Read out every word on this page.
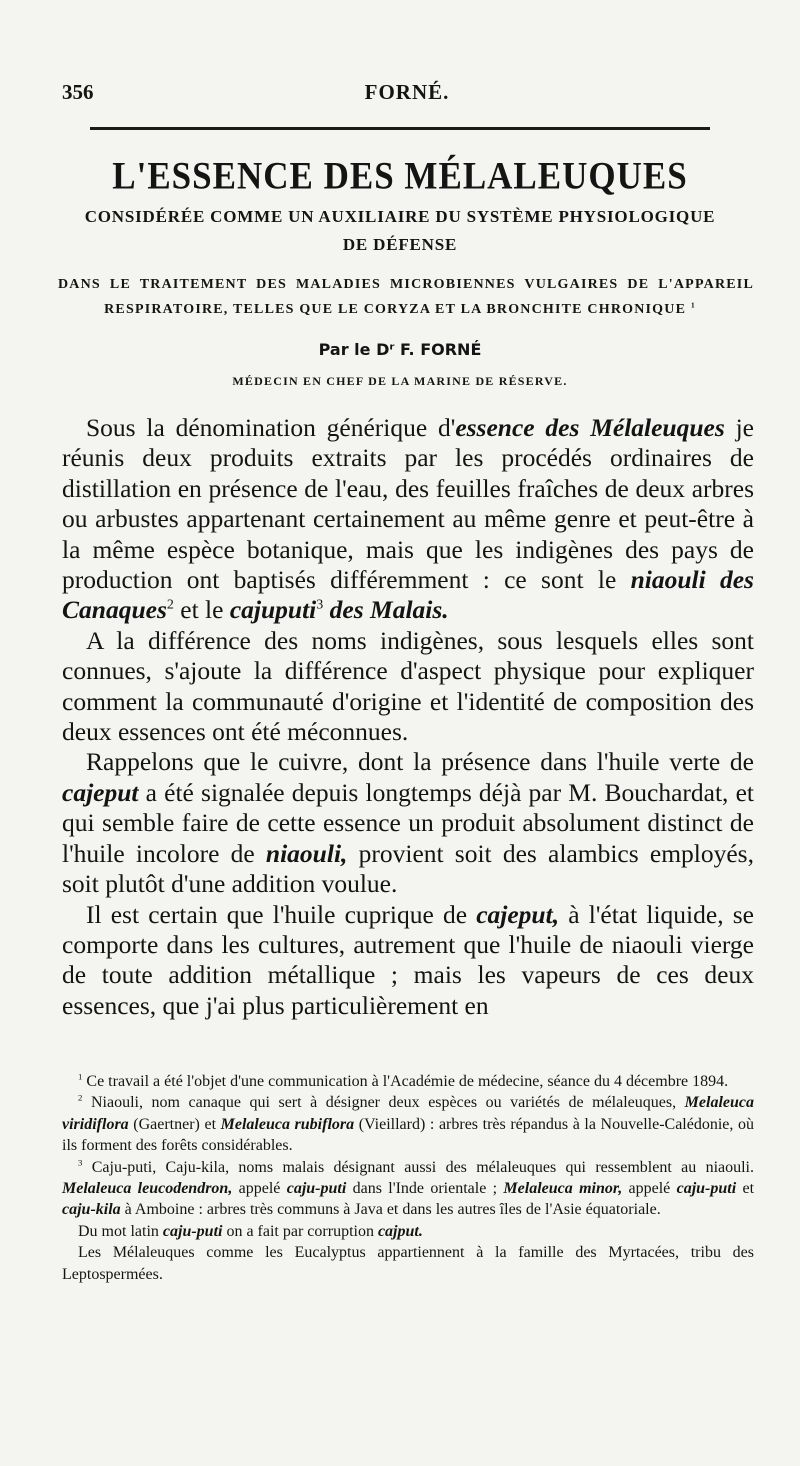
356	FORNÉ.
L'ESSENCE DES MÉLALEUQUES
CONSIDÉRÉE COMME UN AUXILIAIRE DU SYSTÈME PHYSIOLOGIQUE
DE DÉFENSE
DANS LE TRAITEMENT DES MALADIES MICROBIENNES VULGAIRES DE L'APPAREIL
RESPIRATOIRE, TELLES QUE LE CORYZA ET LA BRONCHITE CHRONIQUE $^1$
Par le Dʳ F. FORNÉ
MÉDECIN EN CHEF DE LA MARINE DE RÉSERVE.

Sous la dénomination générique d'essence des Mélaleuques je réunis deux produits extraits par les procédés ordinaires de distillation en présence de l'eau, des feuilles fraîches de deux arbres ou arbustes appartenant certainement au même genre et peut-être à la même espèce botanique, mais que les indigènes des pays de production ont baptisés différemment : ce sont le niaouli des Canaques$^2$ et le cajuputi$^3$ des Malais.

A la différence des noms indigènes, sous lesquels elles sont connues, s'ajoute la différence d'aspect physique pour expliquer comment la communauté d'origine et l'identité de composition des deux essences ont été méconnues.

Rappelons que le cuivre, dont la présence dans l'huile verte de cajeput a été signalée depuis longtemps déjà par M. Bouchardat, et qui semble faire de cette essence un produit absolument distinct de l'huile incolore de niaouli, provient soit des alambics employés, soit plutôt d'une addition voulue.

Il est certain que l'huile cuprique de cajeput, à l'état liquide, se comporte dans les cultures, autrement que l'huile de niaouli vierge de toute addition métallique ; mais les vapeurs de ces deux essences, que j'ai plus particulièrement en

$^1$ Ce travail a été l'objet d'une communication à l'Académie de médecine, séance du 4 décembre 1894.

$^2$ Niaouli, nom canaque qui sert à désigner deux espèces ou variétés de mélaleuques, Melaleuca viridiflora (Gaertner) et Melaleuca rubiflora (Vieillard) : arbres très répandus à la Nouvelle-Calédonie, où ils forment des forêts considérables.

$^3$ Caju-puti, Caju-kila, noms malais désignant aussi des mélaleuques qui ressemblent au niaouli. Melaleuca leucodendron, appelé caju-puti dans l'Inde orientale ; Melaleuca minor, appelé caju-puti et caju-kila à Amboine : arbres très communs à Java et dans les autres îles de l'Asie équatoriale.

Du mot latin caju-puti on a fait par corruption cajput.

Les Mélaleuques comme les Eucalyptus appartiennent à la famille des Myrtacées, tribu des Leptospermées.
